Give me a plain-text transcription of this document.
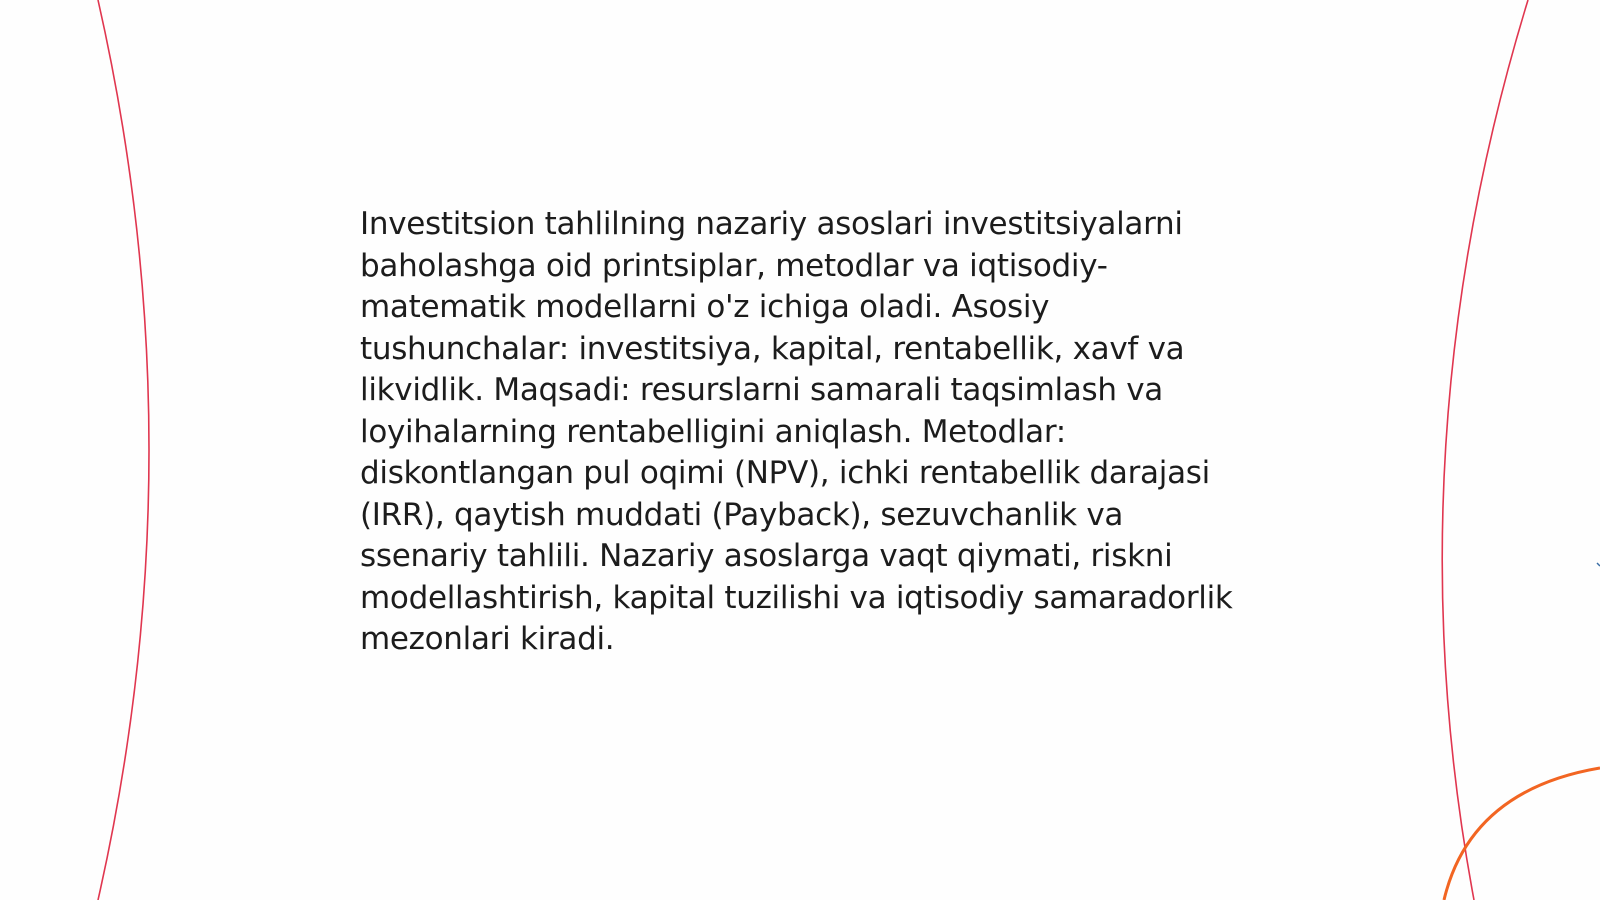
Investitsion tahlilning nazariy asoslari investitsiyalarni baholashga oid printsiplar, metodlar va iqtisodiy-matematik modellarni o'z ichiga oladi. Asosiy tushunchalar: investitsiya, kapital, rentabellik, xavf va likvidlik. Maqsadi: resurslarni samarali taqsimlash va loyihalarning rentabelligini aniqlash. Metodlar: diskontlangan pul oqimi (NPV), ichki rentabellik darajasi (IRR), qaytish muddati (Payback), sezuvchanlik va ssenariy tahlili. Nazariy asoslarga vaqt qiymati, riskni modellashtirish, kapital tuzilishi va iqtisodiy samaradorlik mezonlari kiradi.
